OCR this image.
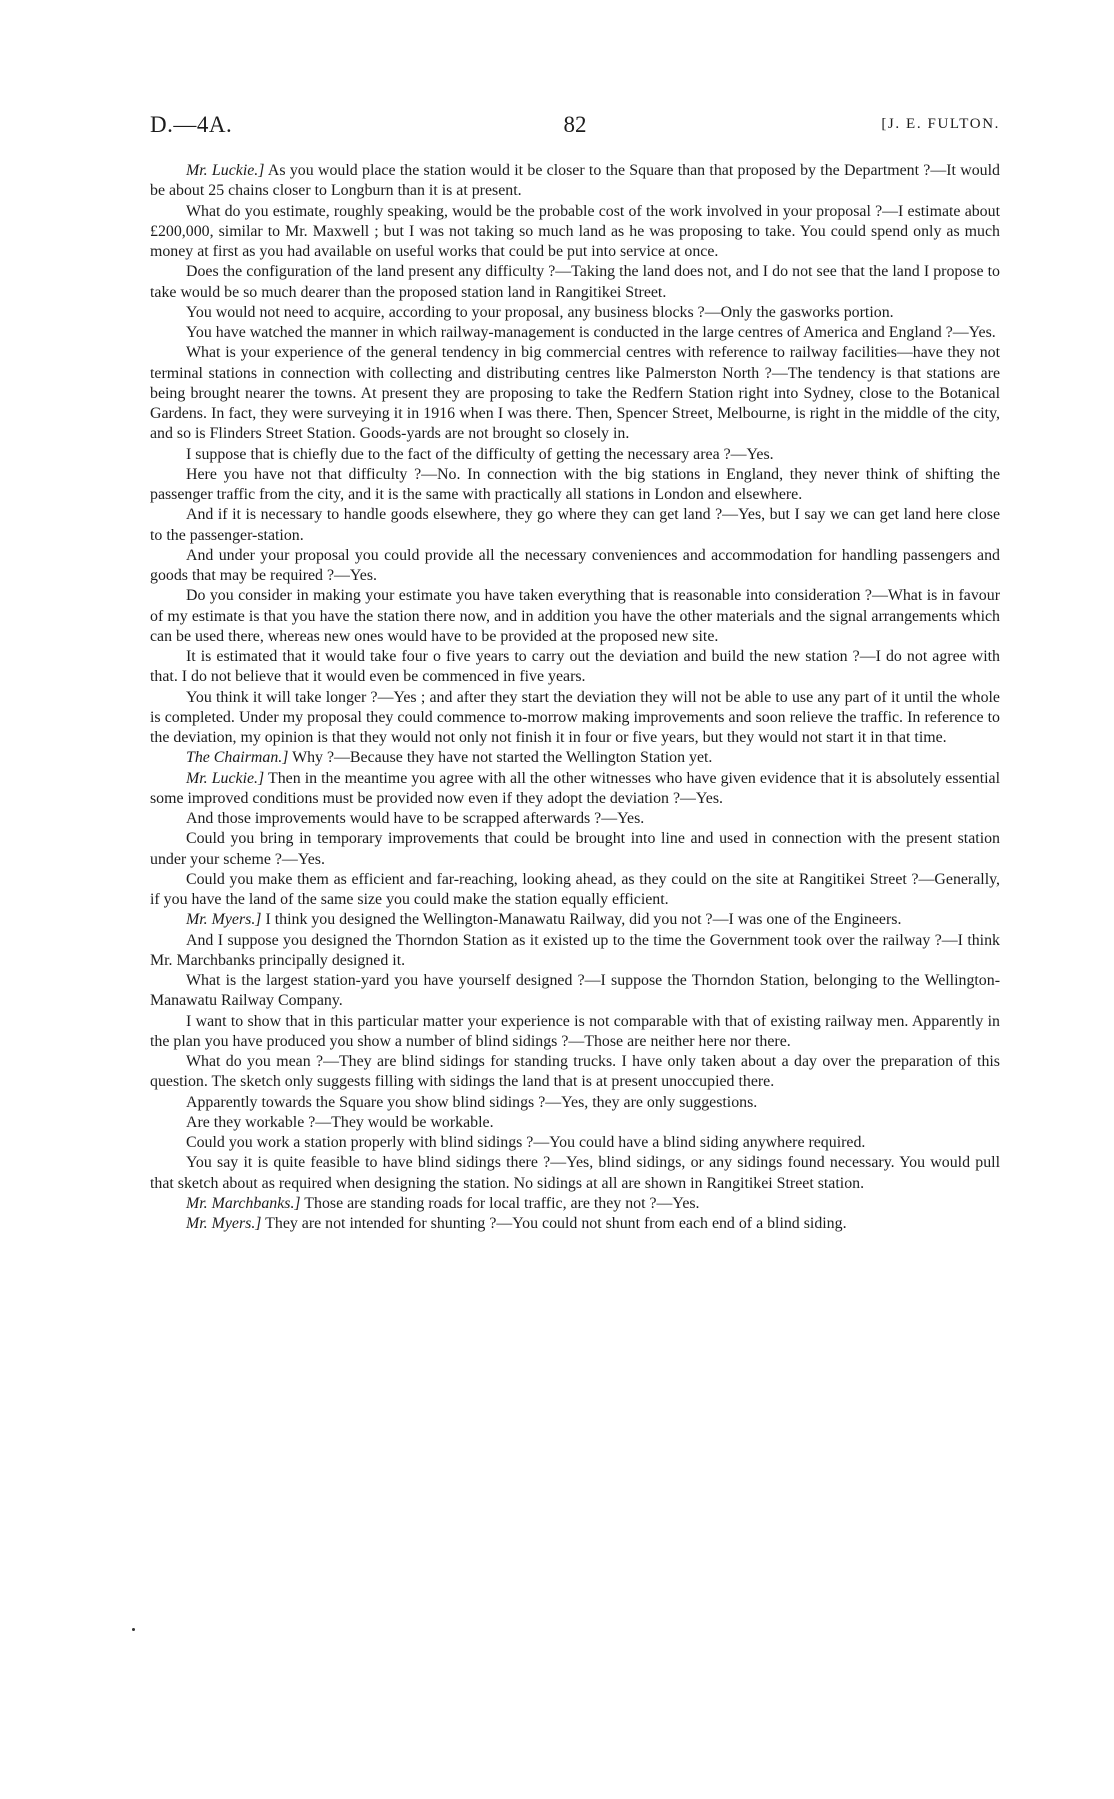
D.—4A.	82	[J. E. FULTON.

Mr. Luckie.] As you would place the station would it be closer to the Square than that proposed by the Department ?—It would be about 25 chains closer to Longburn than it is at present.

What do you estimate, roughly speaking, would be the probable cost of the work involved in your proposal ?—I estimate about £200,000, similar to Mr. Maxwell ; but I was not taking so much land as he was proposing to take. You could spend only as much money at first as you had available on useful works that could be put into service at once.

Does the configuration of the land present any difficulty ?—Taking the land does not, and I do not see that the land I propose to take would be so much dearer than the proposed station land in Rangitikei Street.

You would not need to acquire, according to your proposal, any business blocks ?—Only the gasworks portion.

You have watched the manner in which railway-management is conducted in the large centres of America and England ?—Yes.

What is your experience of the general tendency in big commercial centres with reference to railway facilities—have they not terminal stations in connection with collecting and distributing centres like Palmerston North ?—The tendency is that stations are being brought nearer the towns. At present they are proposing to take the Redfern Station right into Sydney, close to the Botanical Gardens. In fact, they were surveying it in 1916 when I was there. Then, Spencer Street, Melbourne, is right in the middle of the city, and so is Flinders Street Station. Goods-yards are not brought so closely in.

I suppose that is chiefly due to the fact of the difficulty of getting the necessary area ?—Yes.

Here you have not that difficulty ?—No. In connection with the big stations in England, they never think of shifting the passenger traffic from the city, and it is the same with practically all stations in London and elsewhere.

And if it is necessary to handle goods elsewhere, they go where they can get land ?—Yes, but I say we can get land here close to the passenger-station.

And under your proposal you could provide all the necessary conveniences and accommodation for handling passengers and goods that may be required ?—Yes.

Do you consider in making your estimate you have taken everything that is reasonable into consideration ?—What is in favour of my estimate is that you have the station there now, and in addition you have the other materials and the signal arrangements which can be used there, whereas new ones would have to be provided at the proposed new site.

It is estimated that it would take four o five years to carry out the deviation and build the new station ?—I do not agree with that. I do not believe that it would even be commenced in five years.

You think it will take longer ?—Yes ; and after they start the deviation they will not be able to use any part of it until the whole is completed. Under my proposal they could commence to-morrow making improvements and soon relieve the traffic. In reference to the deviation, my opinion is that they would not only not finish it in four or five years, but they would not start it in that time.

The Chairman.] Why ?—Because they have not started the Wellington Station yet.

Mr. Luckie.] Then in the meantime you agree with all the other witnesses who have given evidence that it is absolutely essential some improved conditions must be provided now even if they adopt the deviation ?—Yes.

And those improvements would have to be scrapped afterwards ?—Yes.

Could you bring in temporary improvements that could be brought into line and used in connection with the present station under your scheme ?—Yes.

Could you make them as efficient and far-reaching, looking ahead, as they could on the site at Rangitikei Street ?—Generally, if you have the land of the same size you could make the station equally efficient.

Mr. Myers.] I think you designed the Wellington-Manawatu Railway, did you not ?—I was one of the Engineers.

And I suppose you designed the Thorndon Station as it existed up to the time the Government took over the railway ?—I think Mr. Marchbanks principally designed it.

What is the largest station-yard you have yourself designed ?—I suppose the Thorndon Station, belonging to the Wellington-Manawatu Railway Company.

I want to show that in this particular matter your experience is not comparable with that of existing railway men. Apparently in the plan you have produced you show a number of blind sidings ?—Those are neither here nor there.

What do you mean ?—They are blind sidings for standing trucks. I have only taken about a day over the preparation of this question. The sketch only suggests filling with sidings the land that is at present unoccupied there.

Apparently towards the Square you show blind sidings ?—Yes, they are only suggestions.

Are they workable ?—They would be workable.

Could you work a station properly with blind sidings ?—You could have a blind siding anywhere required.

You say it is quite feasible to have blind sidings there ?—Yes, blind sidings, or any sidings found necessary. You would pull that sketch about as required when designing the station. No sidings at all are shown in Rangitikei Street station.

Mr. Marchbanks.] Those are standing roads for local traffic, are they not ?—Yes.

Mr. Myers.] They are not intended for shunting ?—You could not shunt from each end of a blind siding.
